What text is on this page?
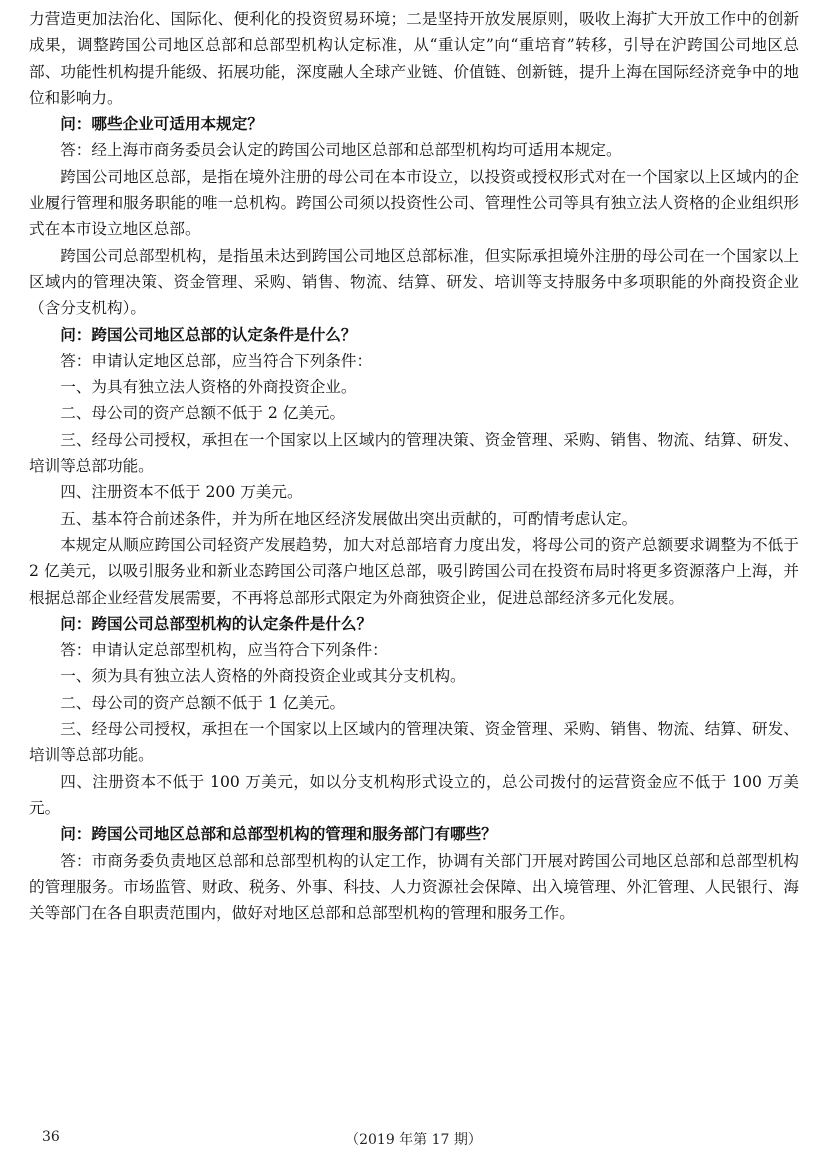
力营造更加法治化、国际化、便利化的投资贸易环境；二是坚持开放发展原则，吸收上海扩大开放工作中的创新成果，调整跨国公司地区总部和总部型机构认定标准，从“重认定”向“重培育”转移，引导在沪跨国公司地区总部、功能性机构提升能级、拓展功能，深度融人全球产业链、价值链、创新链，提升上海在国际经济竞争中的地位和影响力。

问：哪些企业可适用本规定？

答：经上海市商务委员会认定的跨国公司地区总部和总部型机构均可适用本规定。

跨国公司地区总部，是指在境外注册的母公司在本市设立，以投资或授权形式对在一个国家以上区域内的企业履行管理和服务职能的唯一总机构。跨国公司须以投资性公司、管理性公司等具有独立法人资格的企业组织形式在本市设立地区总部。

跨国公司总部型机构，是指虽未达到跨国公司地区总部标准，但实际承担境外注册的母公司在一个国家以上区域内的管理决策、资金管理、采购、销售、物流、结算、研发、培训等支持服务中多项职能的外商投资企业（含分支机构）。

问：跨国公司地区总部的认定条件是什么？

答：申请认定地区总部，应当符合下列条件：

一、为具有独立法人资格的外商投资企业。

二、母公司的资产总额不低于 2 亿美元。

三、经母公司授权，承担在一个国家以上区域内的管理决策、资金管理、采购、销售、物流、结算、研发、培训等总部功能。

四、注册资本不低于 200 万美元。

五、基本符合前述条件，并为所在地区经济发展做出突出贡献的，可酌情考虑认定。

本规定从顺应跨国公司轻资产发展趋势，加大对总部培育力度出发，将母公司的资产总额要求调整为不低于 2 亿美元，以吸引服务业和新业态跨国公司落户地区总部，吸引跨国公司在投资布局时将更多资源落户上海，并根据总部企业经营发展需要，不再将总部形式限定为外商独资企业，促进总部经济多元化发展。

问：跨国公司总部型机构的认定条件是什么？

答：申请认定总部型机构，应当符合下列条件：

一、须为具有独立法人资格的外商投资企业或其分支机构。

二、母公司的资产总额不低于 1 亿美元。

三、经母公司授权，承担在一个国家以上区域内的管理决策、资金管理、采购、销售、物流、结算、研发、培训等总部功能。

四、注册资本不低于 100 万美元，如以分支机构形式设立的，总公司拨付的运营资金应不低于 100 万美元。

问：跨国公司地区总部和总部型机构的管理和服务部门有哪些？

答：市商务委负责地区总部和总部型机构的认定工作，协调有关部门开展对跨国公司地区总部和总部型机构的管理服务。市场监管、财政、税务、外事、科技、人力资源社会保障、出入境管理、外汇管理、人民银行、海关等部门在各自职责范围内，做好对地区总部和总部型机构的管理和服务工作。

36	（2019 年第 17 期）
